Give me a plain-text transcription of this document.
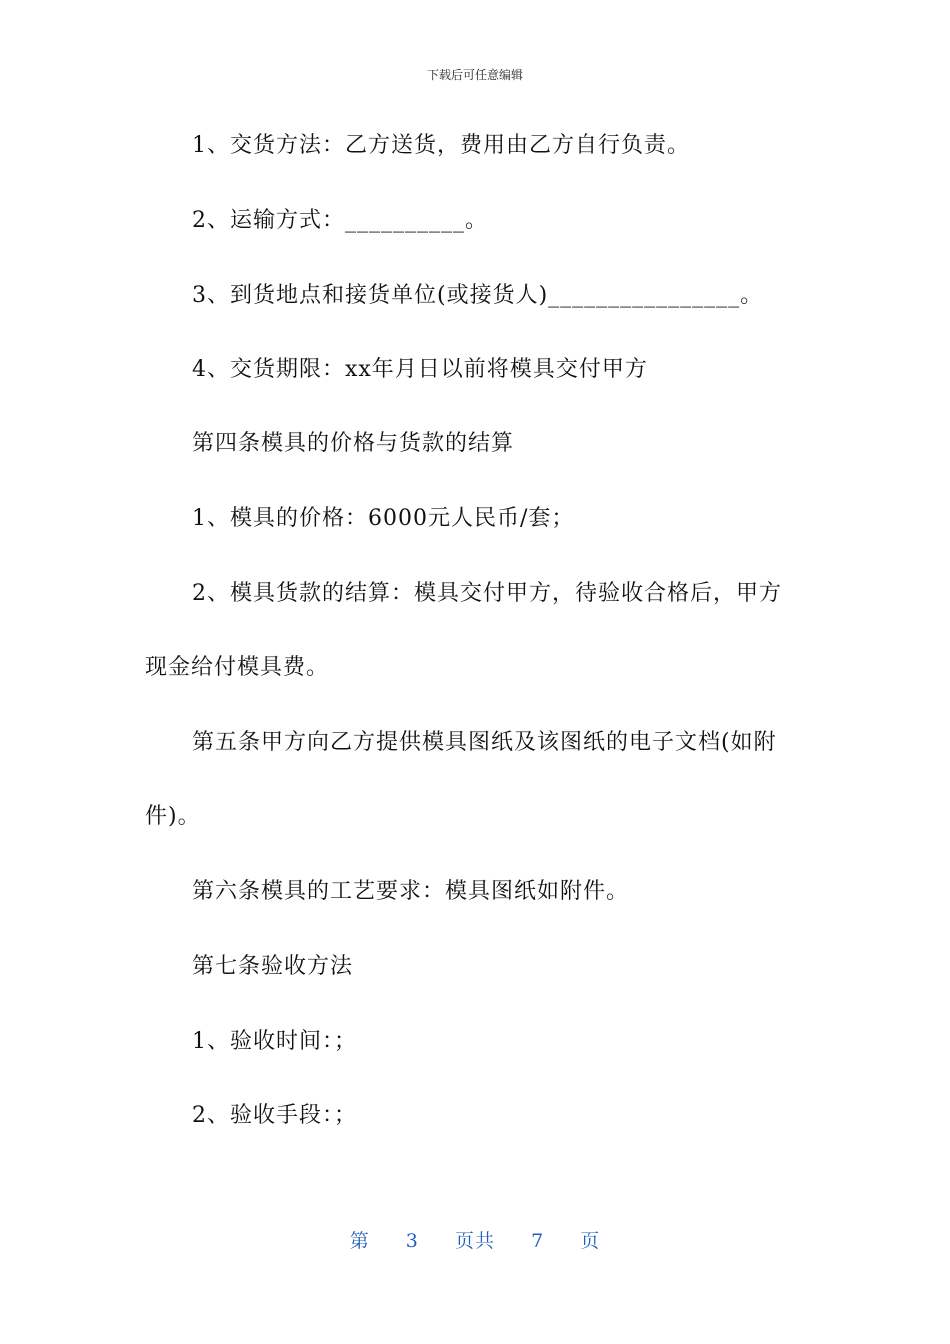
下载后可任意编辑
1、交货方法：乙方送货，费用由乙方自行负责。
2、运输方式：__________。
3、到货地点和接货单位(或接货人)________________。
4、交货期限：xx年月日以前将模具交付甲方
第四条模具的价格与货款的结算
1、模具的价格：6000元人民币/套；
2、模具货款的结算：模具交付甲方，待验收合格后，甲方
现金给付模具费。
第五条甲方向乙方提供模具图纸及该图纸的电子文档(如附
件)。
第六条模具的工艺要求：模具图纸如附件。
第七条验收方法
1、验收时间：；
2、验收手段：；
第 3 页共 7 页
